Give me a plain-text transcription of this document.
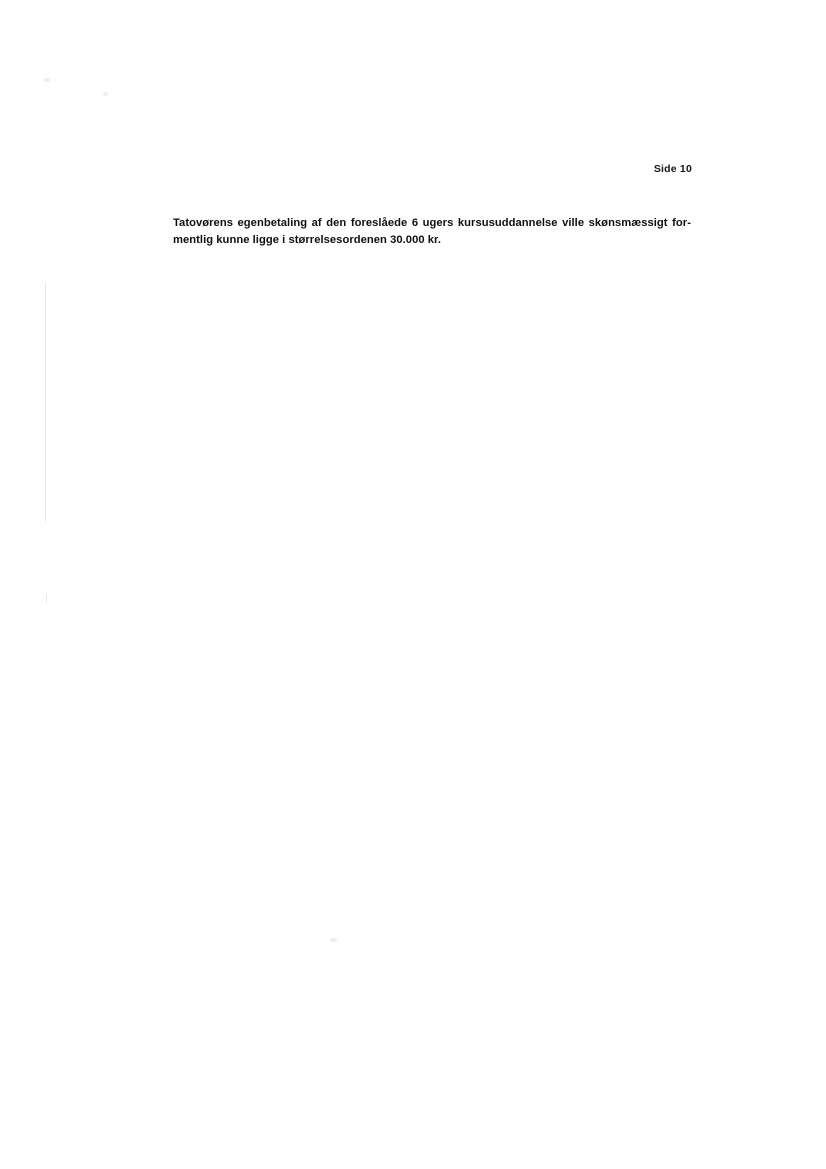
Side 10
Tatovørens egenbetaling af den foreslåede 6 ugers kursusuddannelse ville skønsmæssigt for-
mentlig kunne ligge i størrelsesordenen 30.000 kr.
